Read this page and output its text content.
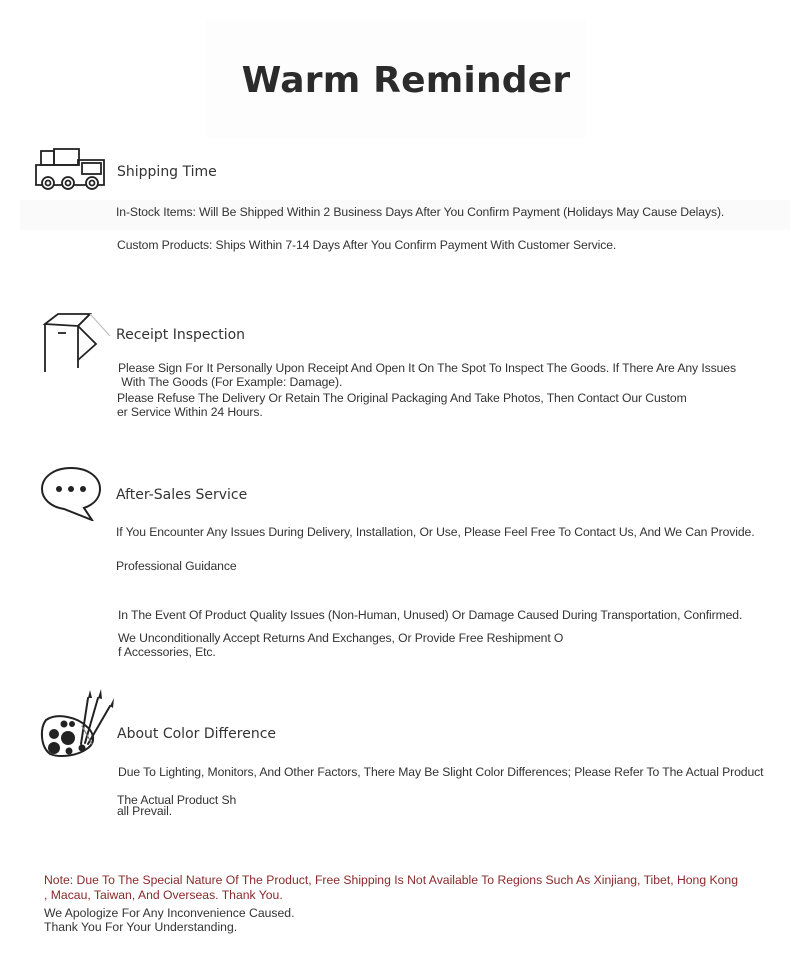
Warm Reminder
Shipping Time
In-Stock Items: Will Be Shipped Within 2 Business Days After You Confirm Payment (Holidays May Cause Delays).
Custom Products: Ships Within 7-14 Days After You Confirm Payment With Customer Service.
Receipt Inspection
Please Sign For It Personally Upon Receipt And Open It On The Spot To Inspect The Goods. If There Are Any Issues
With The Goods (For Example: Damage).
Please Refuse The Delivery Or Retain The Original Packaging And Take Photos, Then Contact Our Custom
er Service Within 24 Hours.
After-Sales Service
If You Encounter Any Issues During Delivery, Installation, Or Use, Please Feel Free To Contact Us, And We Can Provide.
Professional Guidance
In The Event Of Product Quality Issues (Non-Human, Unused) Or Damage Caused During Transportation, Confirmed.
We Unconditionally Accept Returns And Exchanges, Or Provide Free Reshipment O
f Accessories, Etc.
About Color Difference
Due To Lighting, Monitors, And Other Factors, There May Be Slight Color Differences; Please Refer To The Actual Product
The Actual Product Sh
all Prevail.
Note: Due To The Special Nature Of The Product, Free Shipping Is Not Available To Regions Such As Xinjiang, Tibet, Hong Kong
, Macau, Taiwan, And Overseas. Thank You.
We Apologize For Any Inconvenience Caused.
Thank You For Your Understanding.
